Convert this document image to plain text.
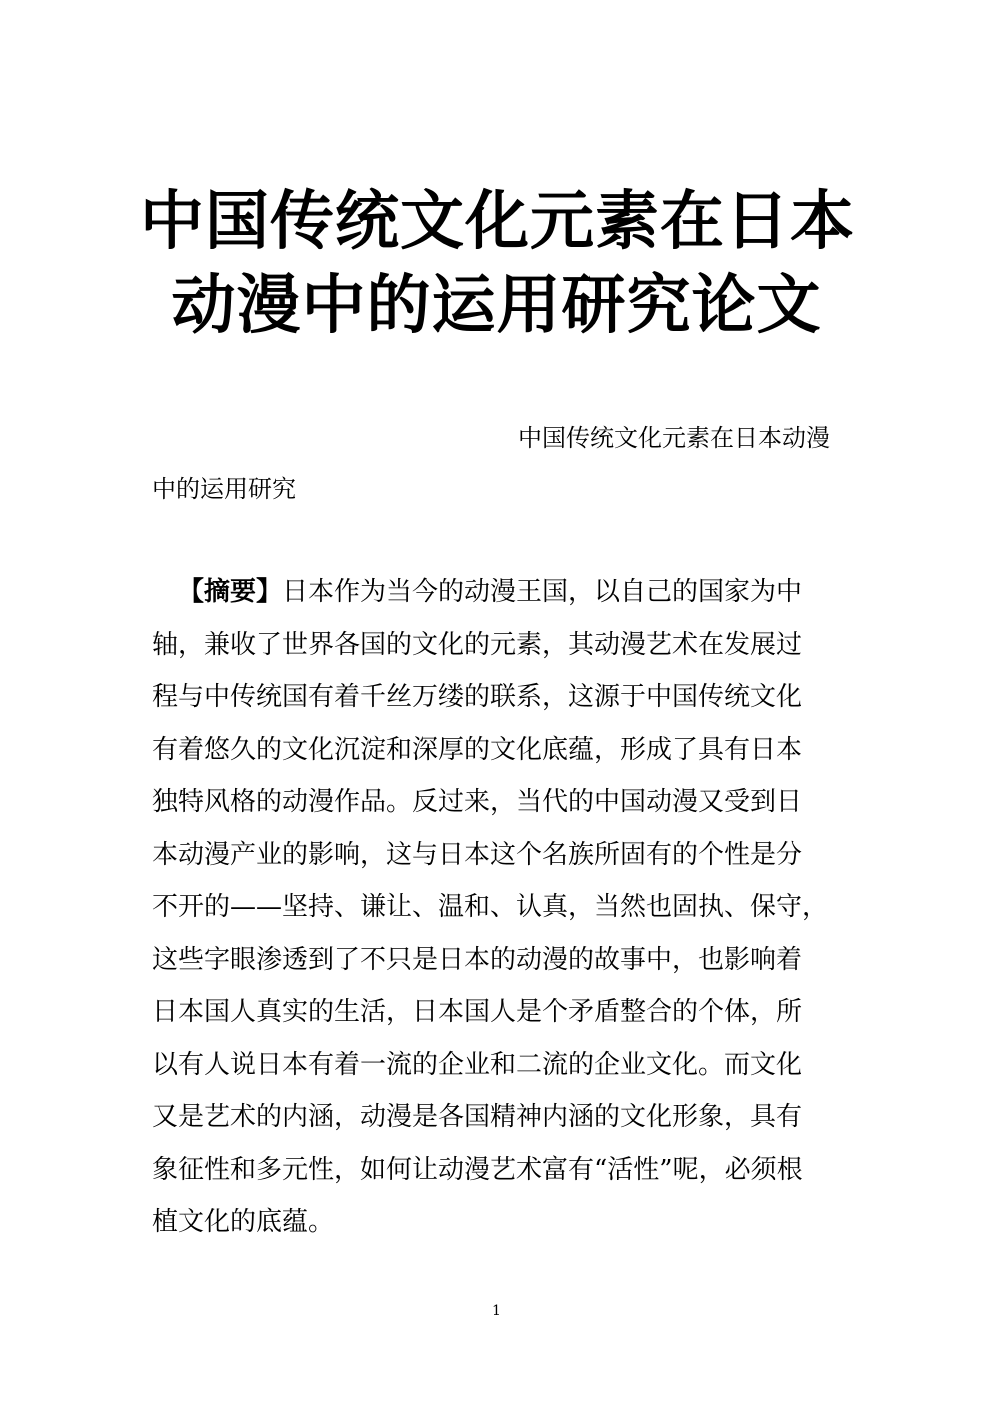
中国传统文化元素在日本
动漫中的运用研究论文

中国传统文化元素在日本动漫

中的运用研究

【摘要】日本作为当今的动漫王国，以自己的国家为中
轴，兼收了世界各国的文化的元素，其动漫艺术在发展过
程与中传统国有着千丝万缕的联系，这源于中国传统文化
有着悠久的文化沉淀和深厚的文化底蕴，形成了具有日本
独特风格的动漫作品。反过来，当代的中国动漫又受到日
本动漫产业的影响，这与日本这个名族所固有的个性是分
不开的——坚持、谦让、温和、认真，当然也固执、保守，
这些字眼渗透到了不只是日本的动漫的故事中，也影响着
日本国人真实的生活，日本国人是个矛盾整合的个体，所
以有人说日本有着一流的企业和二流的企业文化。而文化
又是艺术的内涵，动漫是各国精神内涵的文化形象，具有
象征性和多元性，如何让动漫艺术富有“活性”呢，必须根
植文化的底蕴。
1
